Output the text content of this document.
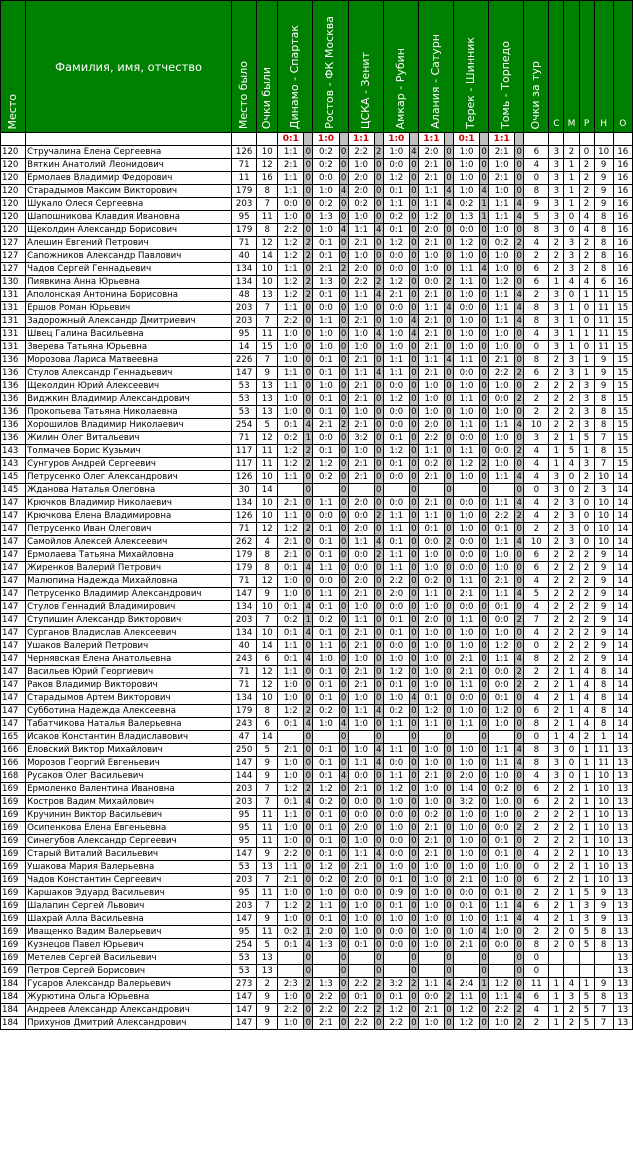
Место	Фамилия, имя, отчество	Место было	Очки были	Динамо - Спартак		Ростов - ФК Москва		ЦСКА - Зенит		Амкар - Рубин		Алания - Сатурн		Терек - Шинник		Томь - Торпедо		Очки за тур	С	М	Р	Н	О
				0:1		1:0		1:1		1:0		1:1		0:1		1:1							
120	Стручалина Елена Сергеевна	126	10	1:1	0	0:2	0	2:2	2	1:0	4	2:0	0	1:0	0	2:1	0	6	3	2	0	10	16
120	Вяткин Анатолий Леонидович	71	12	2:1	0	0:2	0	1:0	0	0:0	0	2:1	0	1:0	0	1:0	0	4	3	1	2	9	16
120	Ермолаев Владимир Федорович	11	16	1:1	0	0:0	0	2:0	0	1:2	0	2:1	0	1:0	0	2:1	0	0	3	1	2	9	16
120	Старадымов Максим Викторович	179	8	1:1	0	1:0	4	2:0	0	0:1	0	1:1	4	1:0	4	1:0	0	8	3	1	2	9	16
120	Шукало Олеся Сергеевна	203	7	0:0	0	0:2	0	0:2	0	1:1	0	1:1	4	0:2	1	1:1	4	9	3	1	2	9	16
120	Шапошникова Клавдия Ивановна	95	11	1:0	0	1:3	0	1:0	0	0:2	0	1:2	0	1:3	1	1:1	4	5	3	0	4	8	16
120	Щеколдин Александр Борисович	179	8	2:2	0	1:0	4	1:1	4	0:1	0	2:0	0	0:0	0	1:0	0	8	3	0	4	8	16
127	Алешин Евгений Петрович	71	12	1:2	2	0:1	0	2:1	0	1:2	0	2:1	0	1:2	0	0:2	2	4	2	3	2	8	16
127	Сапожников Александр Павлович	40	14	1:2	2	0:1	0	1:0	0	0:0	0	1:0	0	1:0	0	1:0	0	2	2	3	2	8	16
127	Чадов Сергей Геннадьевич	134	10	1:1	0	2:1	2	2:0	0	0:0	0	1:0	0	1:1	4	1:0	0	6	2	3	2	8	16
130	Пиявкина Анна Юрьевна	134	10	1:2	2	1:3	0	2:2	2	1:2	0	0:0	2	1:1	0	1:2	0	6	1	4	4	6	16
131	Аполонская Антонина Борисовна	48	13	1:2	2	0:1	0	1:1	4	2:1	0	2:1	0	1:0	0	1:1	4	2	3	0	1	11	15
131	Ершов Роман Юрьевич	203	7	1:1	0	0:0	0	1:0	0	0:0	0	1:1	4	0:0	0	1:1	4	8	3	1	0	11	15
131	Задорожный Александр Дмитриевич	203	7	2:2	0	1:1	0	2:1	0	1:0	4	2:1	0	1:0	0	1:1	4	8	3	1	0	11	15
131	Швец Галина Васильевна	95	11	1:0	0	1:0	0	1:0	4	1:0	4	2:1	0	1:0	0	1:0	0	4	3	1	1	11	15
131	Зверева Татьяна Юрьевна	14	15	1:0	0	1:0	0	1:0	0	1:0	0	2:1	0	1:0	0	1:0	0	0	3	1	0	11	15
136	Морозова Лариса Матвеевна	226	7	1:0	0	0:1	0	2:1	0	1:1	0	1:1	4	1:1	0	2:1	0	8	2	3	1	9	15
136	Стулов Александр Геннадьевич	147	9	1:1	0	0:1	0	1:1	4	1:1	0	2:1	0	0:0	0	2:2	2	6	2	3	1	9	15
136	Щеколдин Юрий Алексеевич	53	13	1:1	0	1:0	0	2:1	0	0:0	0	1:0	0	1:0	0	1:0	0	2	2	2	3	9	15
136	Виджкин Владимир Александрович	53	13	1:0	0	0:1	0	2:1	0	1:2	0	1:0	0	1:1	0	0:0	2	2	2	2	3	8	15
136	Прокопьева Татьяна Николаевна	53	13	1:0	0	0:1	0	1:0	0	0:0	0	1:0	0	1:0	0	1:0	0	2	2	2	3	8	15
136	Хорошилов Владимир Николаевич	254	5	0:1	4	2:1	2	2:1	0	0:0	0	2:0	0	1:1	0	1:1	4	10	2	2	3	8	15
136	Жилин Олег Витальевич	71	12	0:2	1	0:0	0	3:2	0	0:1	0	2:2	0	0:0	0	1:0	0	3	2	1	5	7	15
143	Толмачев Борис Кузьмич	117	11	1:2	2	0:1	0	1:0	0	1:2	0	1:1	0	1:1	0	0:0	2	4	1	5	1	8	15
143	Сунгуров Андрей Сергеевич	117	11	1:2	2	1:2	0	2:1	0	0:1	0	0:2	0	1:2	2	1:0	0	4	1	4	3	7	15
145	Петрусенко Олег Александрович	126	10	1:1	0	0:2	0	2:1	0	0:0	0	2:1	0	1:0	0	1:1	4	4	3	0	2	10	14
145	Жданова Наталья Олеговна	30	14		0		0		0		0		0		0		0	0	3	0	2	3	14
147	Крючков Владимир Николаевич	134	10	2:1	0	1:1	0	2:0	0	0:0	0	2:1	0	0:0	0	1:1	4	4	2	3	0	10	14
147	Крючкова Елена Владимировна	126	10	1:1	0	0:0	0	0:0	2	1:1	0	1:1	0	1:0	0	2:2	2	4	2	3	0	10	14
147	Петрусенко Иван Олегович	71	12	1:2	2	0:1	0	2:0	0	1:1	0	0:1	0	1:0	0	0:1	0	2	2	3	0	10	14
147	Самойлов Алексей Алексеевич	262	4	2:1	0	0:1	0	1:1	4	0:1	0	0:0	2	0:0	0	1:1	4	10	2	3	0	10	14
147	Ермолаева Татьяна Михайловна	179	8	2:1	0	0:1	0	0:0	2	1:1	0	1:0	0	0:0	0	1:0	0	6	2	2	2	9	14
147	Жиренков Валерий Петрович	179	8	0:1	4	1:1	0	0:0	0	1:1	0	1:0	0	0:0	0	1:0	0	6	2	2	2	9	14
147	Малюпина Надежда Михайловна	71	12	1:0	0	0:0	0	2:0	0	2:2	0	0:2	0	1:1	0	2:1	0	4	2	2	2	9	14
147	Петрусенко Владимир Александрович	147	9	1:0	0	1:1	0	2:1	0	2:0	0	1:1	0	2:1	0	1:1	4	5	2	2	2	9	14
147	Стулов Геннадий Владимирович	134	10	0:1	4	0:1	0	1:0	0	0:0	0	1:0	0	0:0	0	0:1	0	4	2	2	2	9	14
147	Ступишин Александр Викторович	203	7	0:2	1	0:2	0	1:1	0	0:1	0	2:0	0	1:1	0	0:0	2	7	2	2	2	9	14
147	Сурганов Владислав Алексеевич	134	10	0:1	4	0:1	0	2:1	0	0:1	0	1:0	0	1:0	0	1:0	0	4	2	2	2	9	14
147	Ушаков Валерий Петрович	40	14	1:1	0	1:1	0	2:1	0	0:0	0	1:0	0	1:0	0	1:2	0	0	2	2	2	9	14
147	Чернявская Елена Анатольевна	243	6	0:1	4	1:0	0	1:0	0	1:0	0	1:0	0	2:1	0	1:1	4	8	2	2	2	9	14
147	Васильев Юрий Георгиевич	71	12	1:1	0	0:1	0	2:1	0	1:2	0	1:0	0	2:1	0	0:0	2	2	2	1	4	8	14
147	Раков Владимир Викторович	71	12	1:0	0	0:1	0	2:1	0	0:1	0	1:0	0	1:1	0	0:0	2	2	2	1	4	8	14
147	Старадымов Артем Викторович	134	10	1:0	0	0:1	0	1:0	0	1:0	4	0:1	0	0:0	0	0:1	0	4	2	1	4	8	14
147	Субботина Надежда Алексеевна	179	8	1:2	2	0:2	0	1:1	4	0:2	0	1:2	0	1:0	0	1:2	0	6	2	1	4	8	14
147	Табатчикова Наталья Валерьевна	243	6	0:1	4	1:0	4	1:0	0	1:1	0	1:1	0	1:1	0	1:0	0	8	2	1	4	8	14
165	Исаков Константин Владиславович	47	14		0		0		0		0		0		0		0	0	1	4	2	1	14
166	Еловский Виктор Михайлович	250	5	2:1	0	0:1	0	1:0	4	1:1	0	1:0	0	1:0	0	1:1	4	8	3	0	1	11	13
166	Морозов Георгий Евгеньевич	147	9	1:0	0	0:1	0	1:1	4	0:0	0	1:0	0	1:0	0	1:1	4	8	3	0	1	11	13
168	Русаков Олег Васильевич	144	9	1:0	0	0:1	4	0:0	0	1:1	0	2:1	0	2:0	0	1:0	0	4	3	0	1	10	13
169	Ермоленко Валентина Ивановна	203	7	1:2	2	1:2	0	2:1	0	1:2	0	1:0	0	1:4	0	0:2	0	6	2	2	1	10	13
169	Костров Вадим Михайлович	203	7	0:1	4	0:2	0	0:0	0	1:0	0	1:0	0	3:2	0	1:0	0	6	2	2	1	10	13
169	Кручинин Виктор Васильевич	95	11	1:1	0	0:1	0	0:0	0	0:0	0	0:2	0	1:0	0	1:0	0	2	2	2	1	10	13
169	Осипенкова Елена Евгеньевна	95	11	1:0	0	0:1	0	2:0	0	1:0	0	2:1	0	1:0	0	0:0	2	2	2	2	1	10	13
169	Синегубов Александр Сергеевич	95	11	1:0	0	0:1	0	1:0	0	0:0	0	2:1	0	1:0	0	0:1	0	2	2	2	1	10	13
169	Старый Виталий Васильевич	147	9	2:2	0	0:1	0	1:1	4	0:0	0	2:1	0	1:0	0	0:1	0	4	2	2	1	10	13
169	Ушакова Мария Валерьевна	53	13	1:1	0	1:2	0	2:1	0	1:0	0	1:0	0	1:0	0	1:0	0	0	2	2	1	10	13
169	Чадов Константин Сергеевич	203	7	2:1	0	0:2	0	2:0	0	0:1	0	1:0	0	2:1	0	1:0	0	6	2	2	1	10	13
169	Каршаков Эдуард Васильевич	95	11	1:0	0	1:0	0	0:0	0	0:9	0	1:0	0	0:0	0	0:1	0	2	2	1	5	9	13
169	Шалапин Сергей Львович	203	7	1:2	2	1:1	0	1:0	0	0:1	0	1:0	0	0:1	0	1:1	4	6	2	1	3	9	13
169	Шахрай Алла Васильевна	147	9	1:0	0	0:1	0	1:0	0	1:0	0	1:0	0	1:0	0	1:1	4	4	2	1	3	9	13
169	Иващенко Вадим Валерьевич	95	11	0:2	1	2:0	0	1:0	0	0:0	0	1:0	0	1:0	4	1:0	0	2	2	0	5	8	13
169	Кузнецов Павел Юрьевич	254	5	0:1	4	1:3	0	0:1	0	0:0	0	1:0	0	2:1	0	0:0	0	8	2	0	5	8	13
169	Метелев Сергей Васильевич	53	13		0		0		0		0		0		0		0	0					13
169	Петров Сергей Борисович	53	13		0		0		0		0		0		0		0	0					13
184	Гусаров Александр Валерьевич	273	2	2:3	2	1:3	0	2:2	2	3:2	2	1:1	4	2:4	1	1:2	0	11	1	4	1	9	13
184	Журютина Ольга Юрьевна	147	9	1:0	0	2:2	0	0:1	0	0:1	0	0:0	2	1:1	0	1:1	4	6	1	3	5	8	13
184	Андреев Александр Александрович	147	9	2:2	0	2:2	0	2:2	2	1:2	0	2:1	0	1:2	0	2:2	2	4	1	2	5	7	13
184	Прихунов Дмитрий Александрович	147	9	1:0	0	2:1	0	2:2	0	2:2	0	1:0	0	1:2	0	1:0	2	2	1	2	5	7	13
